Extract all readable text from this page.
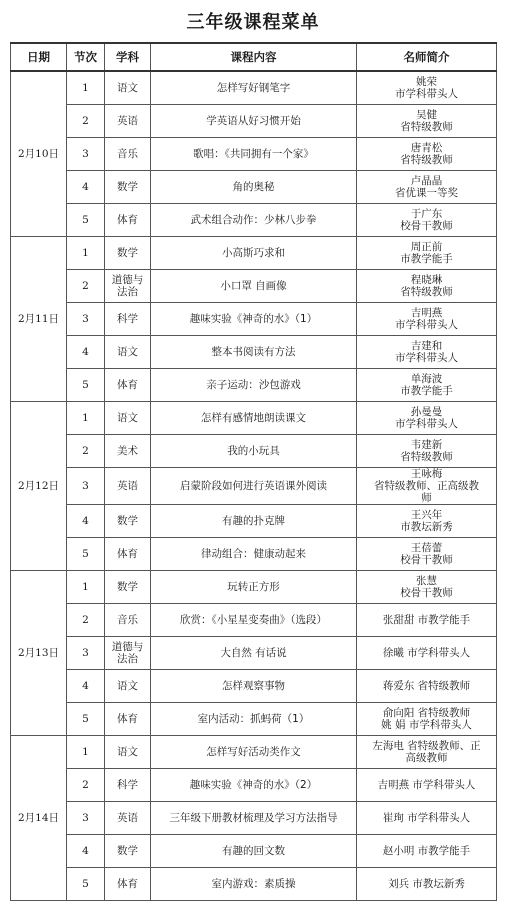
三年级课程菜单
日期	节次	学科	课程内容	名师简介
2月10日	1	语文	怎样写好钢笔字	姚荣
市学科带头人
	2	英语	学英语从好习惯开始	吴健
省特级教师
	3	音乐	歌唱：《共同拥有一个家》	唐青松
省特级教师
	4	数学	角的奥秘	卢晶晶
省优课一等奖
	5	体育	武术组合动作：少林八步拳	于广东
校骨干教师
2月11日	1	数学	小高斯巧求和	周正前
市教学能手
	2	道德与
法治	小口罩 自画像	程晓琳
省特级教师
	3	科学	趣味实验《神奇的水》（1）	吉明燕
市学科带头人
	4	语文	整本书阅读有方法	吉建和
市学科带头人
	5	体育	亲子运动：沙包游戏	单海波
市教学能手
2月12日	1	语文	怎样有感情地朗读课文	孙曼曼
市学科带头人
	2	美术	我的小玩具	韦建新
省特级教师
	3	英语	启蒙阶段如何进行英语课外阅读	王咏梅
省特级教师、正高级教
师
	4	数学	有趣的扑克牌	王兴年
市教坛新秀
	5	体育	律动组合：健康动起来	王蓓蕾
校骨干教师
2月13日	1	数学	玩转正方形	张慧
校骨干教师
	2	音乐	欣赏：《小星星变奏曲》（选段）	张甜甜 市教学能手
	3	道德与
法治	大自然 有话说	徐曦 市学科带头人
	4	语文	怎样观察事物	蒋爱东 省特级教师
	5	体育	室内活动：抓蚂荷（1）	俞向阳 省特级教师
姚 娟 市学科带头人
2月14日	1	语文	怎样写好活动类作文	左海电 省特级教师、正
高级教师
	2	科学	趣味实验《神奇的水》（2）	吉明燕 市学科带头人
	3	英语	三年级下册教材梳理及学习方法指导	崔珣 市学科带头人
	4	数学	有趣的回文数	赵小明 市教学能手
	5	体育	室内游戏：素质操	刘兵 市教坛新秀
